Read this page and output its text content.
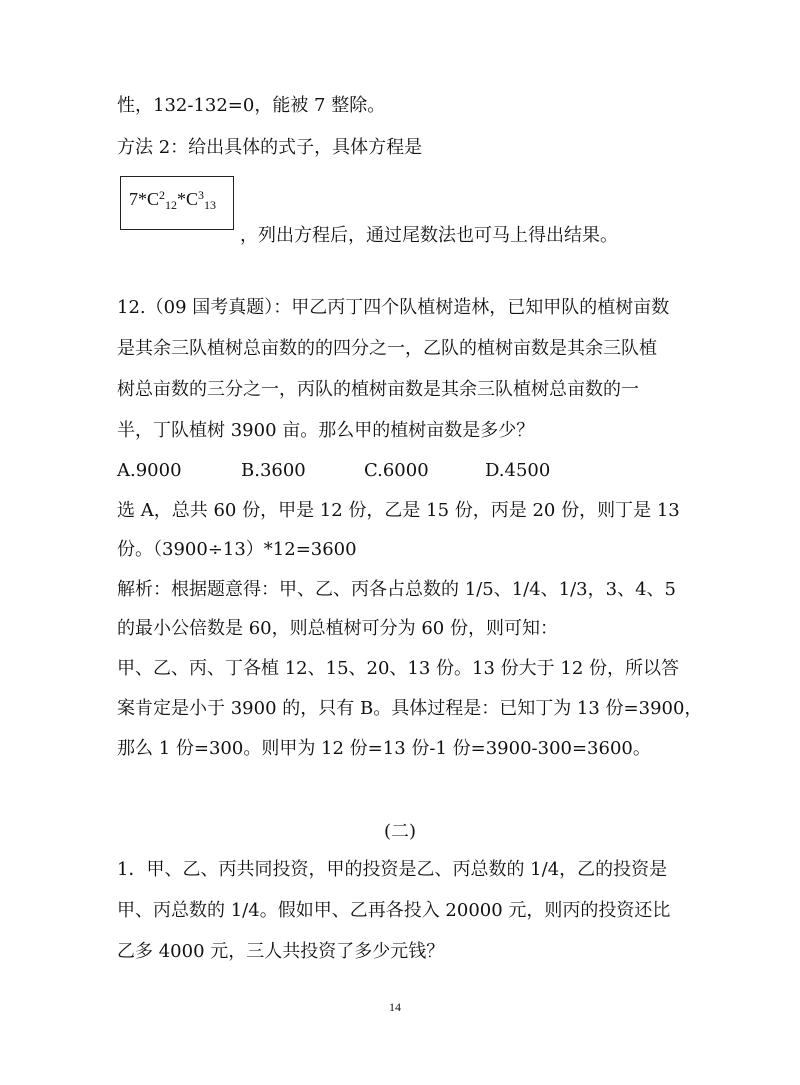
性，132-132=0，能被 7 整除。
方法 2：给出具体的式子，具体方程是
$7*C^2_{12}*C^3_{13}$
，列出方程后，通过尾数法也可马上得出结果。
12.（09 国考真题）：甲乙丙丁四个队植树造林，已知甲队的植树亩数
是其余三队植树总亩数的的四分之一，乙队的植树亩数是其余三队植
树总亩数的三分之一，丙队的植树亩数是其余三队植树总亩数的一
半，丁队植树 3900 亩。那么甲的植树亩数是多少？
A.9000	B.3600	C.6000	D.4500
选 A，总共 60 份，甲是 12 份，乙是 15 份，丙是 20 份，则丁是 13
份。（3900÷13）*12=3600
解析：根据题意得：甲、乙、丙各占总数的 1/5、1/4、1/3，3、4、5
的最小公倍数是 60，则总植树可分为 60 份，则可知：
甲、乙、丙、丁各植 12、15、20、13 份。13 份大于 12 份，所以答
案肯定是小于 3900 的，只有 B。具体过程是：已知丁为 13 份=3900，
那么 1 份=300。则甲为 12 份=13 份-1 份=3900-300=3600。
(二)
1．甲、乙、丙共同投资，甲的投资是乙、丙总数的 1/4，乙的投资是
甲、丙总数的 1/4。假如甲、乙再各投入 20000 元，则丙的投资还比
乙多 4000 元，三人共投资了多少元钱？
14
